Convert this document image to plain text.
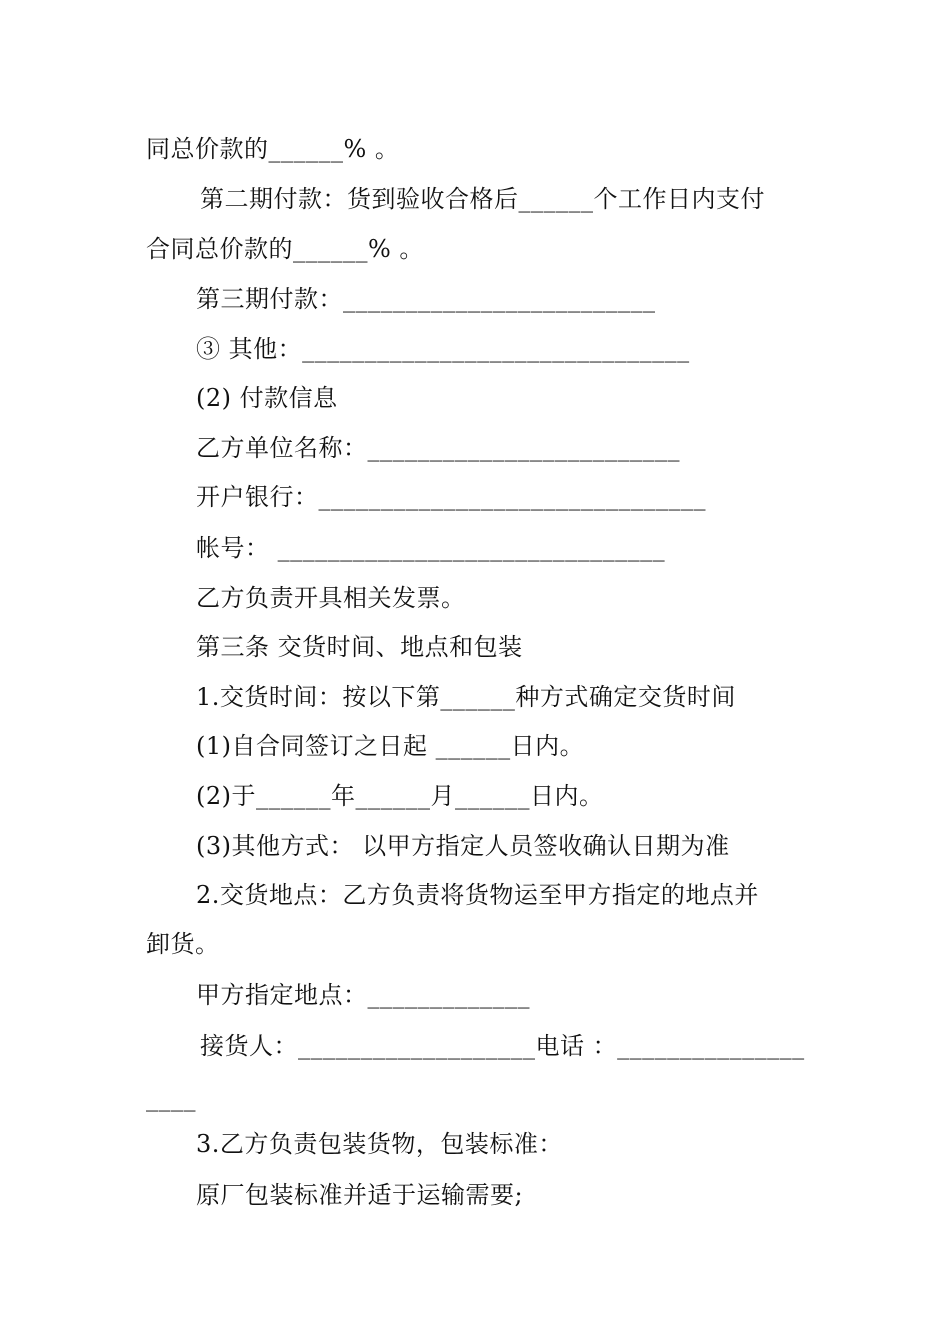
同总价款的______% 。
第二期付款：货到验收合格后______个工作日内支付
合同总价款的______% 。
第三期付款：_________________________
③ 其他：_______________________________
(2) 付款信息
乙方单位名称：_________________________
开户银行：_______________________________
帐号： _______________________________
乙方负责开具相关发票。
第三条 交货时间、地点和包装
1.交货时间：按以下第______种方式确定交货时间
(1)自合同签订之日起 ______日内。
(2)于______年______月______日内。
(3)其他方式： 以甲方指定人员签收确认日期为准
2.交货地点：乙方负责将货物运至甲方指定的地点并
卸货。
甲方指定地点：_____________
接货人：___________________电话 ：_______________
____
3.乙方负责包装货物，包装标准：
原厂包装标准并适于运输需要;
